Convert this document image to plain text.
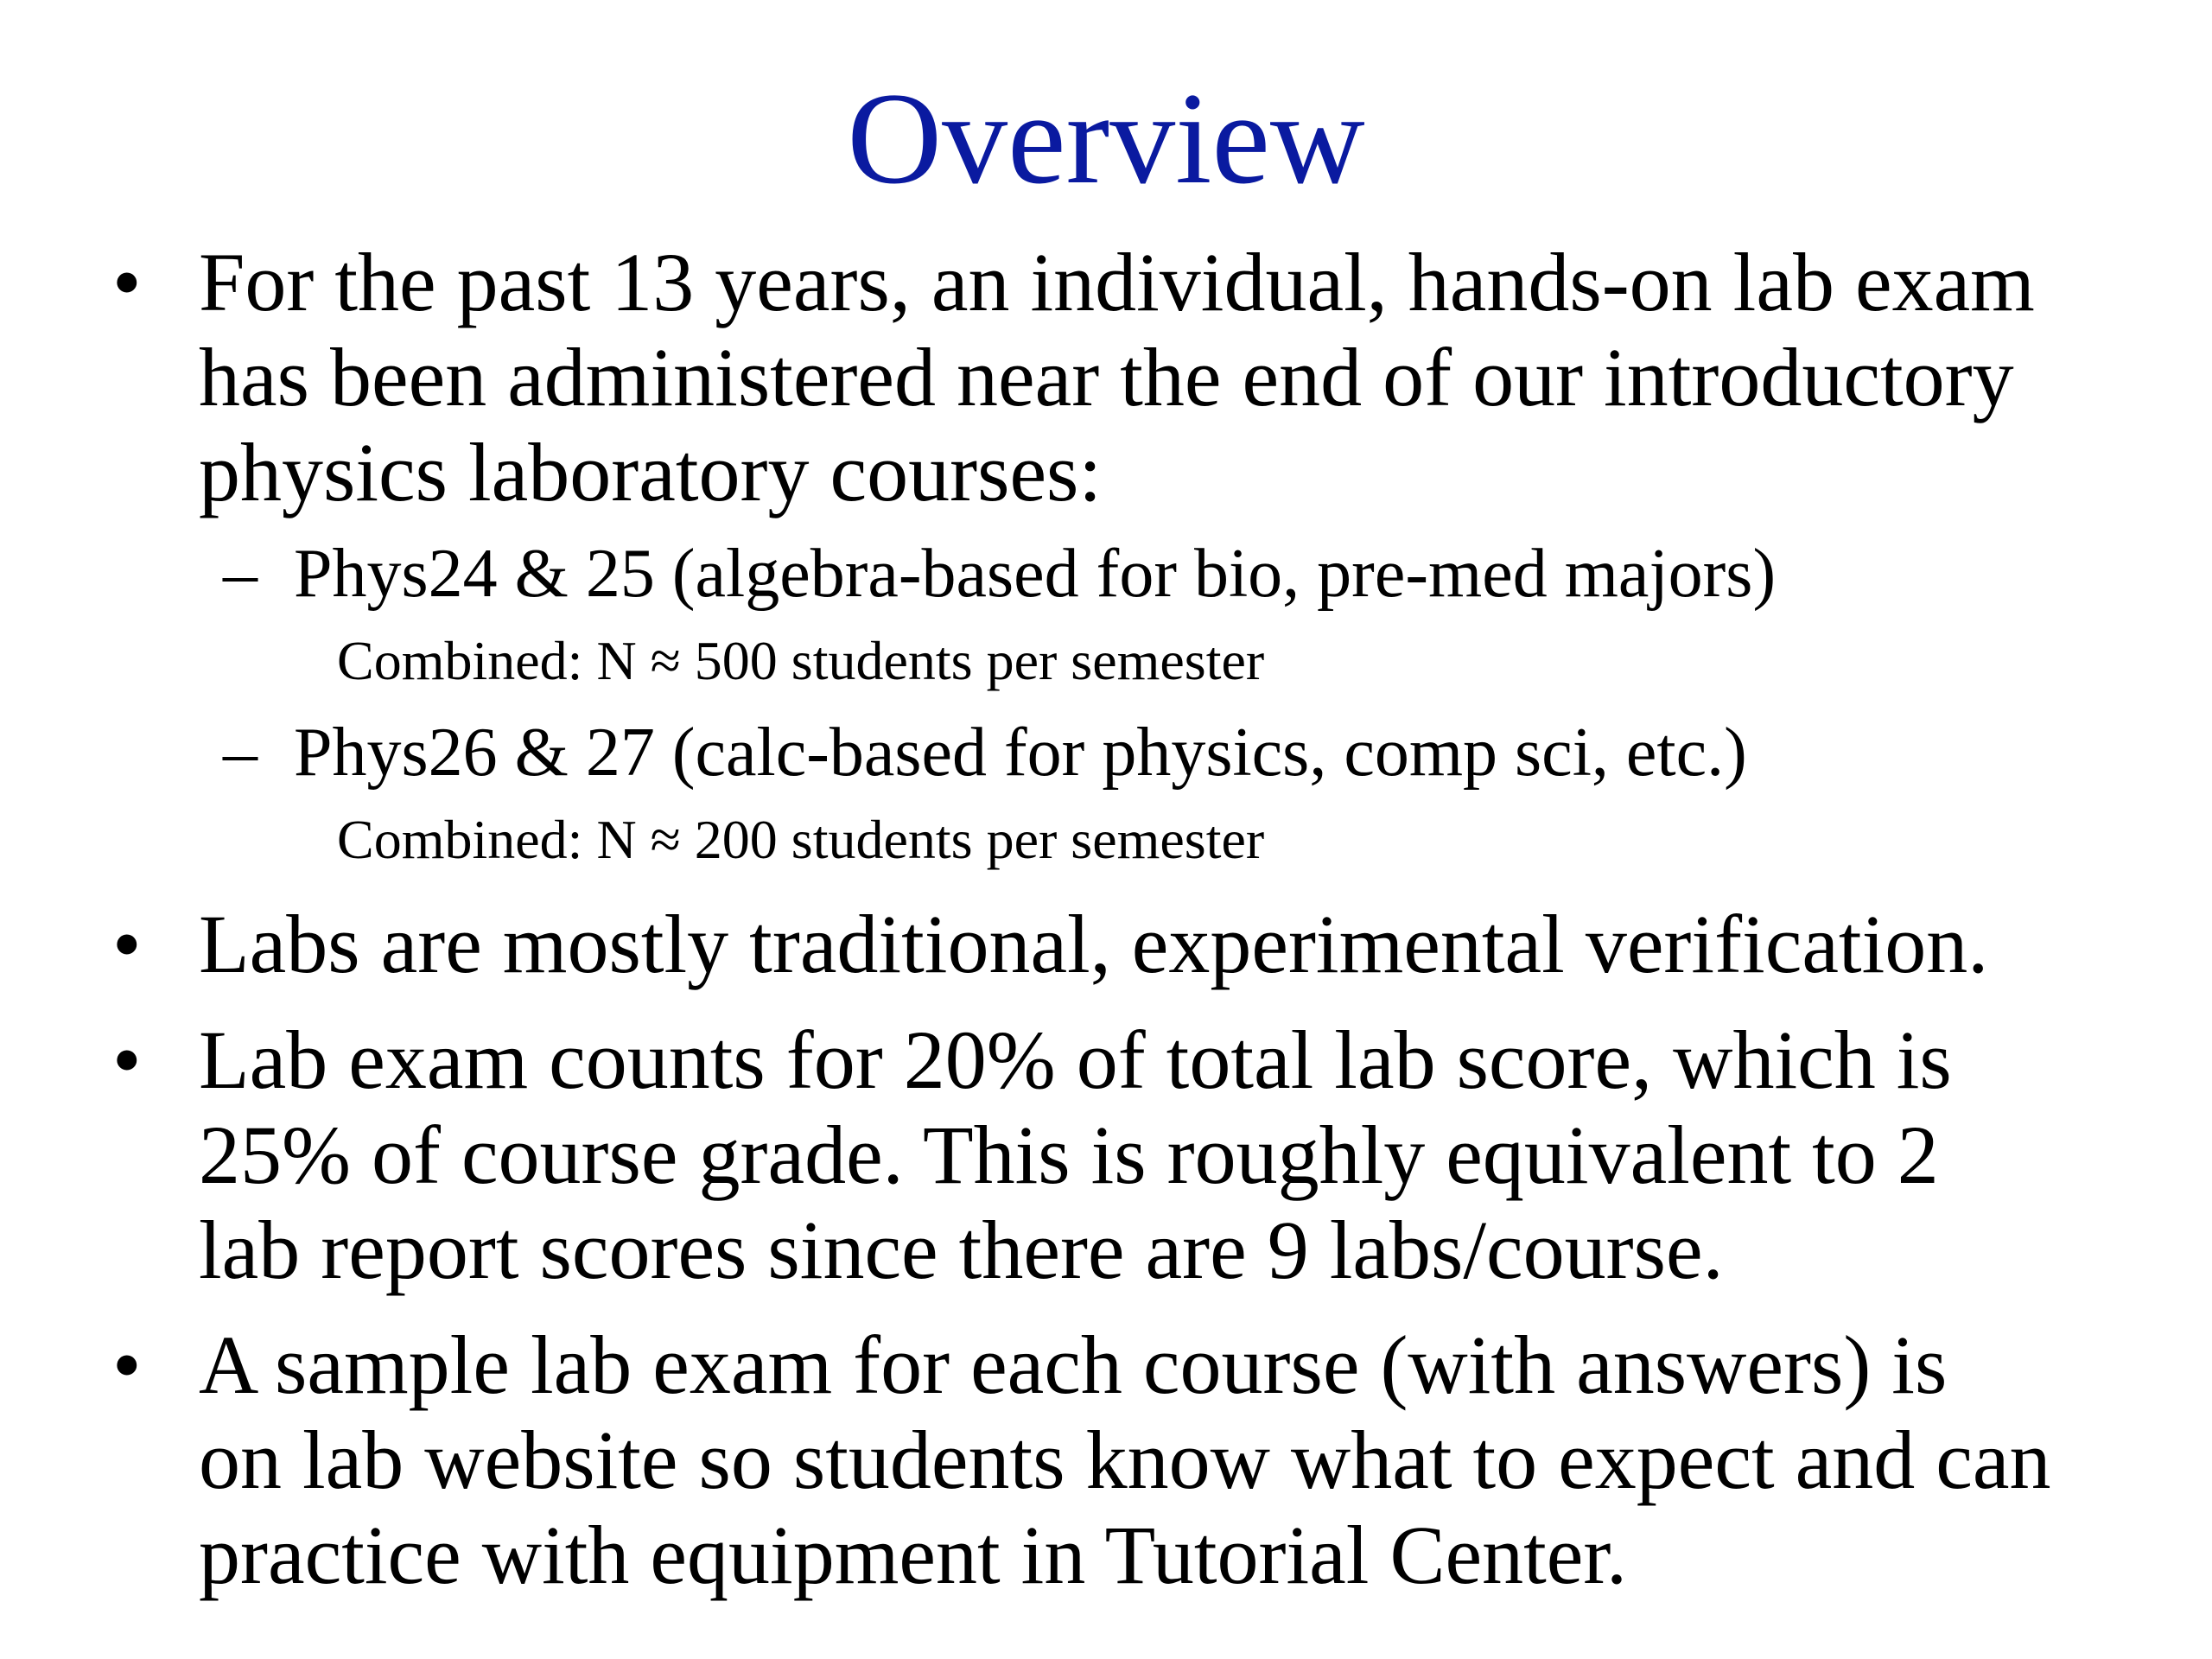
Overview
• For the past 13 years, an individual, hands-on lab exam
has been administered near the end of our introductory
physics laboratory courses:
– Phys24 & 25 (algebra-based for bio, pre-med majors)
Combined: N ≈ 500 students per semester
– Phys26 & 27 (calc-based for physics, comp sci, etc.)
Combined: N ≈ 200 students per semester
• Labs are mostly traditional, experimental verification.
• Lab exam counts for 20% of total lab score, which is
25% of course grade. This is roughly equivalent to 2
lab report scores since there are 9 labs/course.
• A sample lab exam for each course (with answers) is
on lab website so students know what to expect and can
practice with equipment in Tutorial Center.
